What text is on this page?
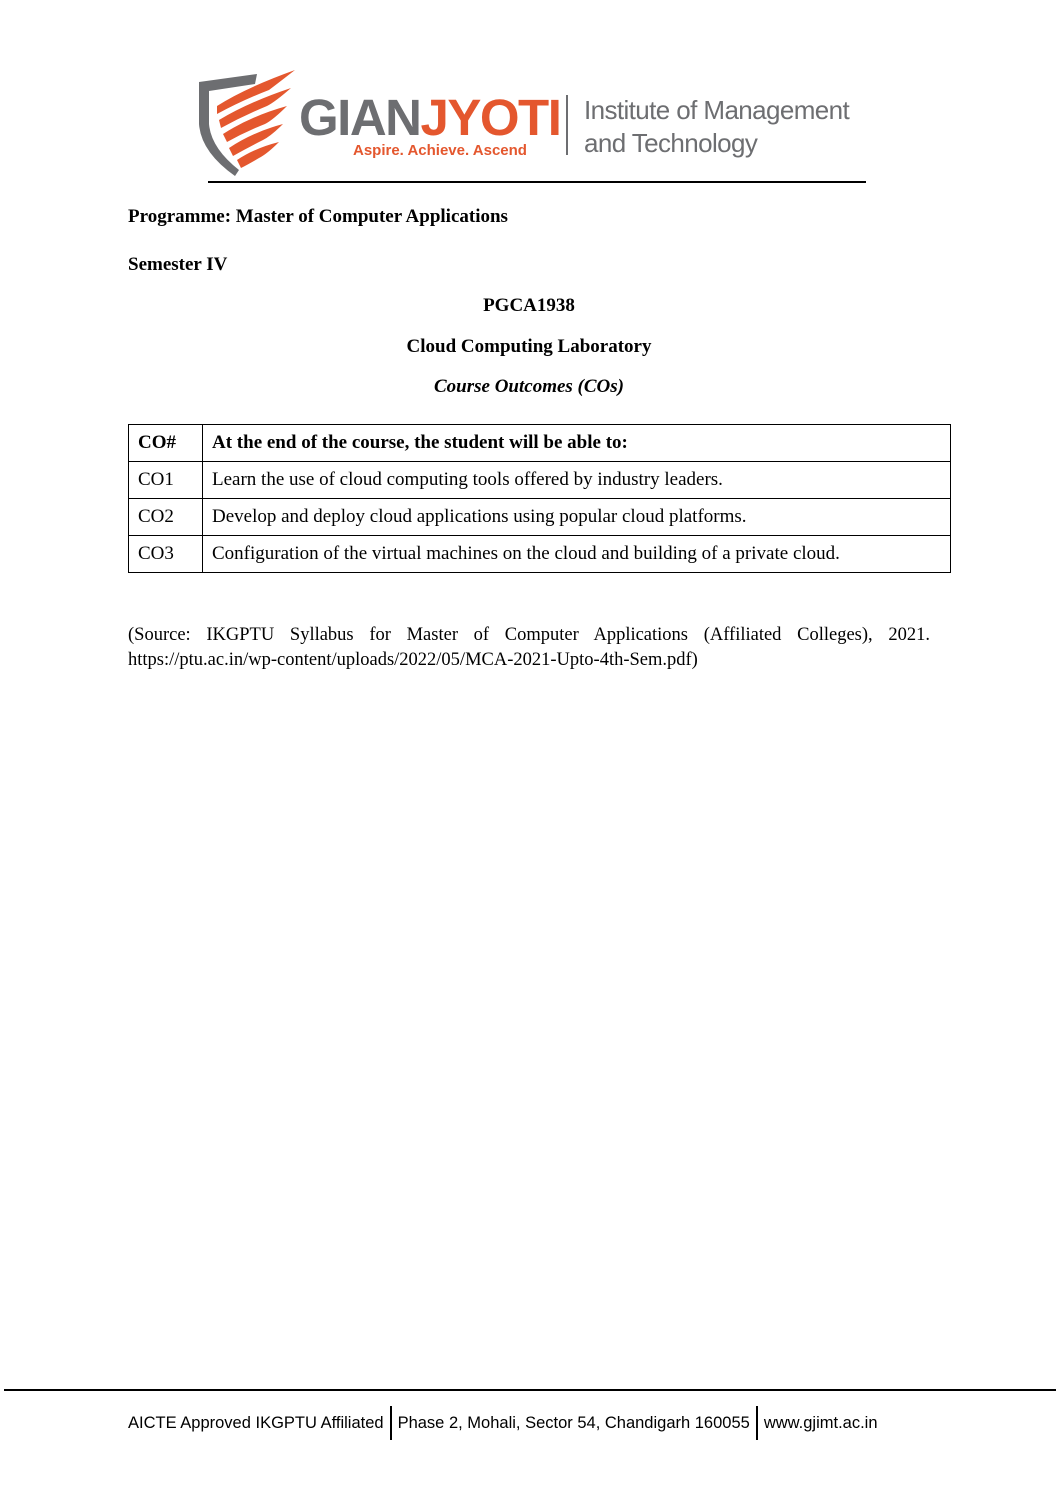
GIANJYOTI
Aspire. Achieve. Ascend
Institute of Management
and Technology
Programme: Master of Computer Applications
Semester IV
PGCA1938
Cloud Computing Laboratory
Course Outcomes (COs)
CO#	At the end of the course, the student will be able to:
CO1	Learn the use of cloud computing tools offered by industry leaders.
CO2	Develop and deploy cloud applications using popular cloud platforms.
CO3	Configuration of the virtual machines on the cloud and building of a private cloud.
(Source: IKGPTU Syllabus for Master of Computer Applications (Affiliated Colleges), 2021.
https://ptu.ac.in/wp-content/uploads/2022/05/MCA-2021-Upto-4th-Sem.pdf)
AICTE Approved IKGPTU Affiliated Phase 2, Mohali, Sector 54, Chandigarh 160055 www.gjimt.ac.in
